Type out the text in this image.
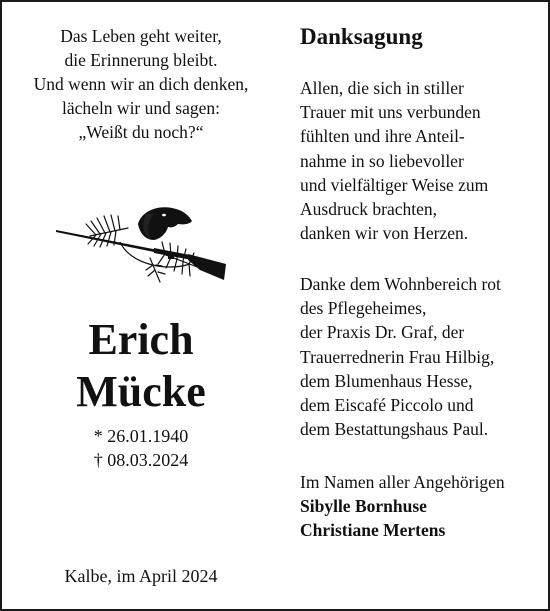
Das Leben geht weiter,
die Erinnerung bleibt.
Und wenn wir an dich denken,
lächeln wir und sagen:
„Weißt du noch?“
Erich
Mücke
* 26.01.1940
† 08.03.2024
Kalbe, im April 2024
Danksagung
Allen, die sich in stiller
Trauer mit uns verbunden
fühlten und ihre Anteil-
nahme in so liebevoller
und vielfältiger Weise zum
Ausdruck brachten,
danken wir von Herzen.
Danke dem Wohnbereich rot
des Pflegeheimes,
der Praxis Dr. Graf, der
Trauerrednerin Frau Hilbig,
dem Blumenhaus Hesse,
dem Eiscafé Piccolo und
dem Bestattungshaus Paul.
Im Namen aller Angehörigen
Sibylle Bornhuse
Christiane Mertens
